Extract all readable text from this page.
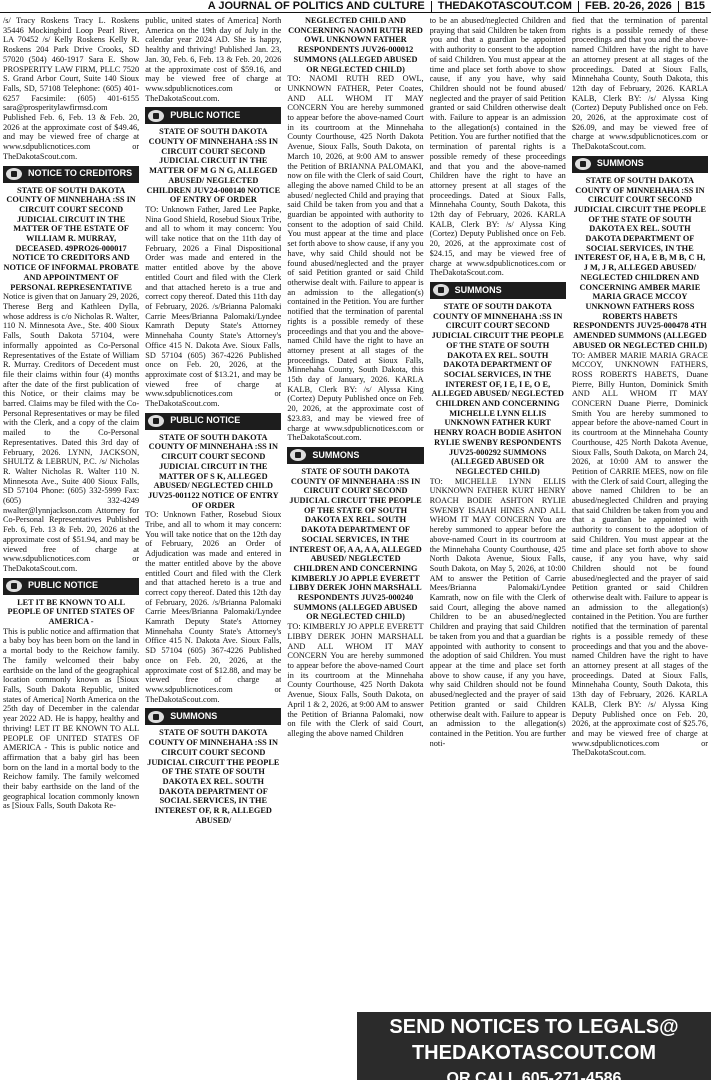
A JOURNAL OF POLITICS AND CULTURE	THEDAKOTASCOUT.COM	FEB. 20-26, 2026	B15

/s/ Tracy Roskens Tracy L. Roskens 35446 Mockingbird Loop Pearl River, LA 70452 /s/ Kelly Roskens Kelly R. Roskens 204 Park Drive Crooks, SD 57020 (504) 460-1917 Sara E. Show PROSPERITY LAW FIRM, PLLC 7520 S. Grand Arbor Court, Suite 140 Sioux Falls, SD, 57108 Telephone: (605) 401-6257 Facsimile: (605) 401-6155 sara@prosperitylawfirmsd.com Published Feb. 6, Feb. 13 & Feb. 20, 2026 at the approximate cost of $49.46, and may be viewed free of charge at www.sdpublicnotices.com or TheDakotaScout.com.

NOTICE TO CREDITORS

STATE OF SOUTH DAKOTA COUNTY OF MINNEHAHA :SS IN CIRCUIT COURT SECOND JUDICIAL CIRCUIT IN THE MATTER OF THE ESTATE OF WILLIAM R. MURRAY, DECEASED. 49PRO26-000017 NOTICE TO CREDITORS AND NOTICE OF INFORMAL PROBATE AND APPOINTMENT OF PERSONAL REPRESENTATIVE

Notice is given that on January 29, 2026, Therese Berg and Kathleen Dylla, whose address is c/o Nicholas R. Walter, 110 N. Minnesota Ave., Ste. 400 Sioux Falls, South Dakota 57104, were informally appointed as Co-Personal Representatives of the Estate of William R. Murray. Creditors of Decedent must file their claims within four (4) months after the date of the first publication of this Notice, or their claims may be barred. Claims may be filed with the Co-Personal Representatives or may be filed with the Clerk, and a copy of the claim mailed to the Co-Personal Representatives. Dated this 3rd day of February, 2026. LYNN, JACKSON, SHULTZ & LEBRUN, P.C. /s/ Nicholas R. Walter Nicholas R. Walter 110 N. Minnesota Ave., Suite 400 Sioux Falls, SD 57104 Phone: (605) 332-5999 Fax: (605) 332-4249 nwalter@lynnjackson.com Attorney for Co-Personal Representatives Published Feb. 6, Feb. 13 & Feb. 20, 2026 at the approximate cost of $51.94, and may be viewed free of charge at www.sdpublicnotices.com or TheDakotaScout.com.

PUBLIC NOTICE

LET IT BE KNOWN TO ALL PEOPLE OF UNITED STATES OF AMERICA -

This is public notice and affirmation that a baby boy has been born on the land in a mortal body to the Reichow family. The family welcomed their baby earthside on the land of the geographical location commonly known as [Sioux Falls, South Dakota Republic, united states of America] North America on the 25th day of December in the calendar year 2022 AD. He is happy, healthy and thriving! LET IT BE KNOWN TO ALL PEOPLE OF UNITED STATES OF AMERICA - This is public notice and affirmation that a baby girl has been born on the land in a mortal body to the Reichow family. The family welcomed their baby earthside on the land of the geographical location commonly known as [Sioux Falls, South Dakota Re-

public, united states of America] North America on the 19th day of July in the calendar year 2024 AD. She is happy, healthy and thriving! Published Jan. 23, Jan. 30, Feb. 6, Feb. 13 & Feb. 20, 2026 at the approximate cost of $59.16, and may be viewed free of charge at www.sdpublicnotices.com or TheDakotaScout.com.

PUBLIC NOTICE

STATE OF SOUTH DAKOTA COUNTY OF MINNEHAHA :SS IN CIRCUIT COURT SECOND JUDICIAL CIRCUIT IN THE MATTER OF M G N G, ALLEGED ABUSED/ NEGLECTED CHILDREN JUV24-000140 NOTICE OF ENTRY OF ORDER

TO: Unknown Father, Jared Lee Papke, Nina Good Shield, Rosebud Sioux Tribe, and all to whom it may concern: You will take notice that on the 11th day of February, 2026 a Final Dispositional Order was made and entered in the matter entitled above by the above entitled Court and filed with the Clerk and that attached hereto is a true and correct copy thereof. Dated this 11th day of February, 2026. /s/Brianna Palomaki Carrie Mees/Brianna Palomaki/Lyndee Kamrath Deputy State's Attorney Minnehaha County State's Attorney's Office 415 N. Dakota Ave. Sioux Falls, SD 57104 (605) 367-4226 Published once on Feb. 20, 2026, at the approximate cost of $13.21, and may be viewed free of charge at www.sdpublicnotices.com or TheDakotaScout.com.

PUBLIC NOTICE

STATE OF SOUTH DAKOTA COUNTY OF MINNEHAHA :SS IN CIRCUIT COURT SECOND JUDICIAL CIRCUIT IN THE MATTER OF S K, ALLEGED ABUSED/ NEGLECTED CHILD JUV25-001122 NOTICE OF ENTRY OF ORDER

TO: Unknown Father, Rosebud Sioux Tribe, and all to whom it may concern: You will take notice that on the 12th day of February, 2026 an Order of Adjudication was made and entered in the matter entitled above by the above entitled Court and filed with the Clerk and that attached hereto is a true and correct copy thereof. Dated this 12th day of February, 2026. /s/Brianna Palomaki Carrie Mees/Brianna Palomaki/Lyndee Kamrath Deputy State's Attorney Minnehaha County State's Attorney's Office 415 N. Dakota Ave. Sioux Falls, SD 57104 (605) 367-4226 Published once on Feb. 20, 2026, at the approximate cost of $12.88, and may be viewed free of charge at www.sdpublicnotices.com or TheDakotaScout.com.

SUMMONS

STATE OF SOUTH DAKOTA COUNTY OF MINNEHAHA :SS IN CIRCUIT COURT SECOND JUDICIAL CIRCUIT THE PEOPLE OF THE STATE OF SOUTH DAKOTA EX REL. SOUTH DAKOTA DEPARTMENT OF SOCIAL SERVICES, IN THE INTEREST OF, R R, ALLEGED ABUSED/

NEGLECTED CHILD AND CONCERNING NAOMI RUTH RED OWL UNKNOWN FATHER RESPONDENTS JUV26-000012 SUMMONS (ALLEGED ABUSED OR NEGLECTED CHILD)

TO: NAOMI RUTH RED OWL, UNKNOWN FATHER, Peter Coates, AND ALL WHOM IT MAY CONCERN You are hereby summoned to appear before the above-named Court in its courtroom at the Minnehaha County Courthouse, 425 North Dakota Avenue, Sioux Falls, South Dakota, on March 10, 2026, at 9:00 AM to answer the Petition of BRIANNA PALOMAKI, now on file with the Clerk of said Court, alleging the above named Child to be an abused/ neglected Child and praying that said Child be taken from you and that a guardian be appointed with authority to consent to the adoption of said Child. You must appear at the time and place set forth above to show cause, if any you have, why said Child should not be found abused/neglected and the prayer of said Petition granted or said Child otherwise dealt with. Failure to appear is an admission to the allegation(s) contained in the Petition. You are further notified that the termination of parental rights is a possible remedy of these proceedings and that you and the above-named Child have the right to have an attorney present at all stages of the proceedings. Dated at Sioux Falls, Minnehaha County, South Dakota, this 15th day of January, 2026. KARLA KALB, Clerk BY: /s/ Alyssa King (Cortez) Deputy Published once on Feb. 20, 2026, at the approximate cost of $23.83, and may be viewed free of charge at www.sdpublicnotices.com or TheDakotaScout.com.

SUMMONS

STATE OF SOUTH DAKOTA COUNTY OF MINNEHAHA :SS IN CIRCUIT COURT SECOND JUDICIAL CIRCUIT THE PEOPLE OF THE STATE OF SOUTH DAKOTA EX REL. SOUTH DAKOTA DEPARTMENT OF SOCIAL SERVICES, IN THE INTEREST OF, A A, A A, ALLEGED ABUSED/ NEGLECTED CHILDREN AND CONCERNING KIMBERLY JO APPLE EVERETT LIBBY DEREK JOHN MARSHALL RESPONDENTS JUV25-000240 SUMMONS (ALLEGED ABUSED OR NEGLECTED CHILD)

TO: KIMBERLY JO APPLE EVERETT LIBBY DEREK JOHN MARSHALL AND ALL WHOM IT MAY CONCERN You are hereby summoned to appear before the above-named Court in its courtroom at the Minnehaha County Courthouse, 425 North Dakota Avenue, Sioux Falls, South Dakota, on April 1 & 2, 2026, at 9:00 AM to answer the Petition of Brianna Palomaki, now on file with the Clerk of said Court, alleging the above named Children

to be an abused/neglected Children and praying that said Children be taken from you and that a guardian be appointed with authority to consent to the adoption of said Children. You must appear at the time and place set forth above to show cause, if any you have, why said Children should not be found abused/ neglected and the prayer of said Petition granted or said Children otherwise dealt with. Failure to appear is an admission to the allegation(s) contained in the Petition. You are further notified that the termination of parental rights is a possible remedy of these proceedings and that you and the above-named Children have the right to have an attorney present at all stages of the proceedings. Dated at Sioux Falls, Minnehaha County, South Dakota, this 12th day of February, 2026. KARLA KALB, Clerk BY: /s/ Alyssa King (Cortez) Deputy Published once on Feb. 20, 2026, at the approximate cost of $24.15, and may be viewed free of charge at www.sdpublicnotices.com or TheDakotaScout.com.

SUMMONS

STATE OF SOUTH DAKOTA COUNTY OF MINNEHAHA :SS IN CIRCUIT COURT SECOND JUDICIAL CIRCUIT THE PEOPLE OF THE STATE OF SOUTH DAKOTA EX REL. SOUTH DAKOTA DEPARTMENT OF SOCIAL SERVICES, IN THE INTEREST OF, I E, I E, O E, ALLEGED ABUSED/ NEGLECTED CHILDREN AND CONCERNING MICHELLE LYNN ELLIS UNKNOWN FATHER KURT HENRY ROACH BODIE ASHTON RYLIE SWENBY RESPONDENTS JUV25-000292 SUMMONS (ALLEGED ABUSED OR NEGLECTED CHILD)

TO: MICHELLE LYNN ELLIS UNKNOWN FATHER KURT HENRY ROACH BODIE ASHTON RYLIE SWENBY ISAIAH HINES AND ALL WHOM IT MAY CONCERN You are hereby summoned to appear before the above-named Court in its courtroom at the Minnehaha County Courthouse, 425 North Dakota Avenue, Sioux Falls, South Dakota, on May 5, 2026, at 10:00 AM to answer the Petition of Carrie Mees/Brianna Palomaki/Lyndee Kamrath, now on file with the Clerk of said Court, alleging the above named Children to be an abused/neglected Children and praying that said Children be taken from you and that a guardian be appointed with authority to consent to the adoption of said Children. You must appear at the time and place set forth above to show cause, if any you have, why said Children should not be found abused/neglected and the prayer of said Petition granted or said Children otherwise dealt with. Failure to appear is an admission to the allegation(s) contained in the Petition. You are further noti-

fied that the termination of parental rights is a possible remedy of these proceedings and that you and the above-named Children have the right to have an attorney present at all stages of the proceedings. Dated at Sioux Falls, Minnehaha County, South Dakota, this 12th day of February, 2026. KARLA KALB, Clerk BY: /s/ Alyssa King (Cortez) Deputy Published once on Feb. 20, 2026, at the approximate cost of $26.09, and may be viewed free of charge at www.sdpublicnotices.com or TheDakotaScout.com.

SUMMONS

STATE OF SOUTH DAKOTA COUNTY OF MINNEHAHA :SS IN CIRCUIT COURT SECOND JUDICIAL CIRCUIT THE PEOPLE OF THE STATE OF SOUTH DAKOTA EX REL. SOUTH DAKOTA DEPARTMENT OF SOCIAL SERVICES, IN THE INTEREST OF, H A, E B, M B, C H, J M, J R, ALLEGED ABUSED/ NEGLECTED CHILDREN AND CONCERNING AMBER MARIE MARIA GRACE MCCOY UNKNOWN FATHERS ROSS ROBERTS HABETS RESPONDENTS JUV25-000478 4TH AMENDED SUMMONS (ALLEGED ABUSED OR NEGLECTED CHILD)

TO: AMBER MARIE MARIA GRACE MCCOY, UNKNOWN FATHERS, ROSS ROBERTS HABETS, Duane Pierre, Billy Hunton, Dominick Smith AND ALL WHOM IT MAY CONCERN Duane Pierre, Dominick Smith You are hereby summoned to appear before the above-named Court in its courtroom at the Minnehaha County Courthouse, 425 North Dakota Avenue, Sioux Falls, South Dakota, on March 24, 2026, at 10:00 AM to answer the Petition of CARRIE MEES, now on file with the Clerk of said Court, alleging the above named Children to be an abused/neglected Children and praying that said Children be taken from you and that a guardian be appointed with authority to consent to the adoption of said Children. You must appear at the time and place set forth above to show cause, if any you have, why said Children should not be found abused/neglected and the prayer of said Petition granted or said Children otherwise dealt with. Failure to appear is an admission to the allegation(s) contained in the Petition. You are further notified that the termination of parental rights is a possible remedy of these proceedings and that you and the above-named Children have the right to have an attorney present at all stages of the proceedings. Dated at Sioux Falls, Minnehaha County, South Dakota, this 13th day of February, 2026. KARLA KALB, Clerk BY: /s/ Alyssa King Deputy Published once on Feb. 20, 2026, at the approximate cost of $25.76, and may be viewed free of charge at www.sdpublicnotices.com or TheDakotaScout.com.

SEND NOTICES TO LEGALS@
THEDAKOTASCOUT.COM
OR CALL 605-271-4586
